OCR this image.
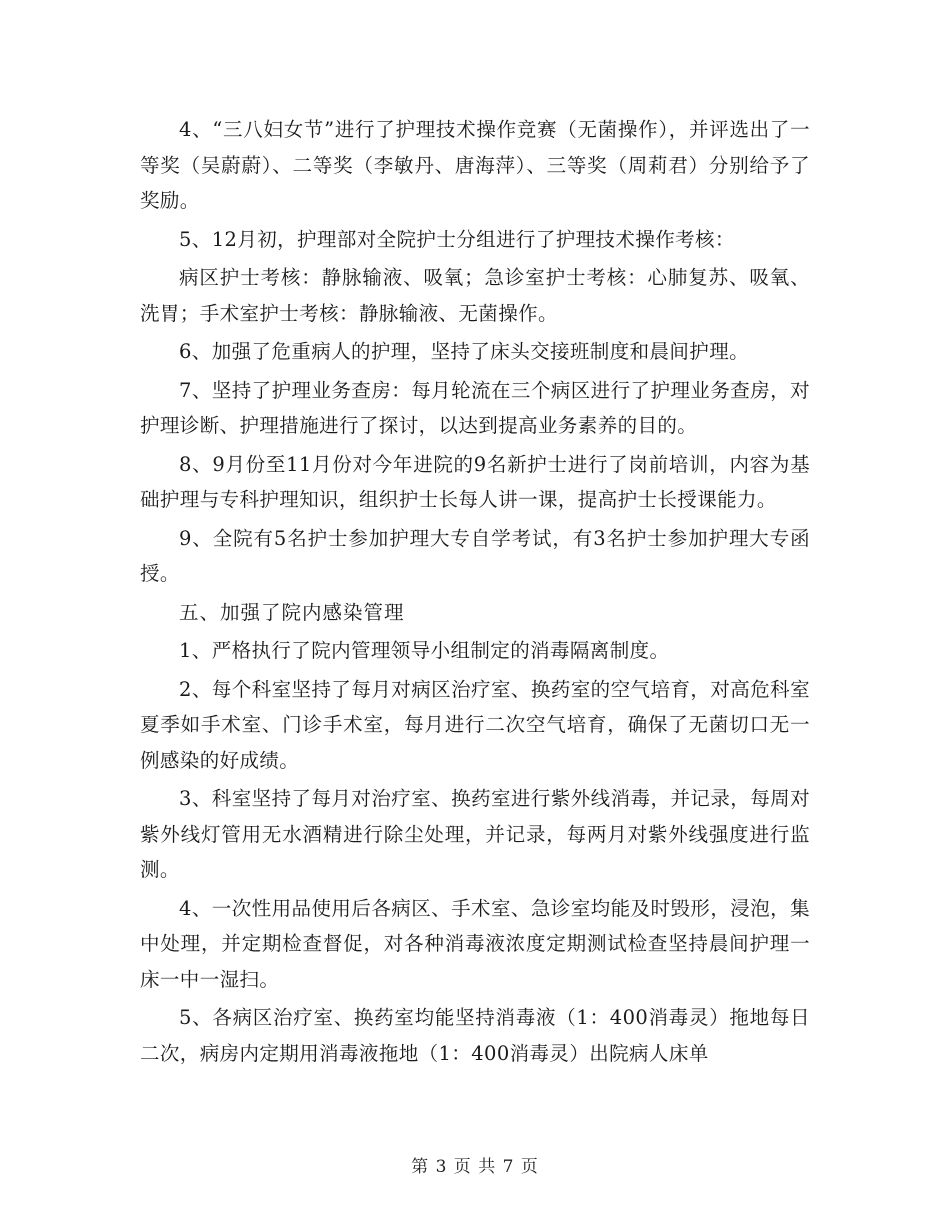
4、“三八妇女节”进行了护理技术操作竞赛（无菌操作），并评选出了一等奖（吴蔚蔚）、二等奖（李敏丹、唐海萍）、三等奖（周莉君）分别给予了奖励。

5、12月初，护理部对全院护士分组进行了护理技术操作考核：

病区护士考核：静脉输液、吸氧；急诊室护士考核：心肺复苏、吸氧、洗胃；手术室护士考核：静脉输液、无菌操作。

6、加强了危重病人的护理，坚持了床头交接班制度和晨间护理。

7、坚持了护理业务查房：每月轮流在三个病区进行了护理业务查房，对护理诊断、护理措施进行了探讨，以达到提高业务素养的目的。

8、9月份至11月份对今年进院的9名新护士进行了岗前培训，内容为基础护理与专科护理知识，组织护士长每人讲一课，提高护士长授课能力。

9、全院有5名护士参加护理大专自学考试，有3名护士参加护理大专函授。

五、加强了院内感染管理

1、严格执行了院内管理领导小组制定的消毒隔离制度。

2、每个科室坚持了每月对病区治疗室、换药室的空气培育，对高危科室夏季如手术室、门诊手术室，每月进行二次空气培育，确保了无菌切口无一例感染的好成绩。

3、科室坚持了每月对治疗室、换药室进行紫外线消毒，并记录，每周对紫外线灯管用无水酒精进行除尘处理，并记录，每两月对紫外线强度进行监测。

4、一次性用品使用后各病区、手术室、急诊室均能及时毁形，浸泡，集中处理，并定期检查督促，对各种消毒液浓度定期测试检查坚持晨间护理一床一中一湿扫。

5、各病区治疗室、换药室均能坚持消毒液（1：400消毒灵）拖地每日二次，病房内定期用消毒液拖地（1：400消毒灵）出院病人床单

第 3 页 共 7 页
